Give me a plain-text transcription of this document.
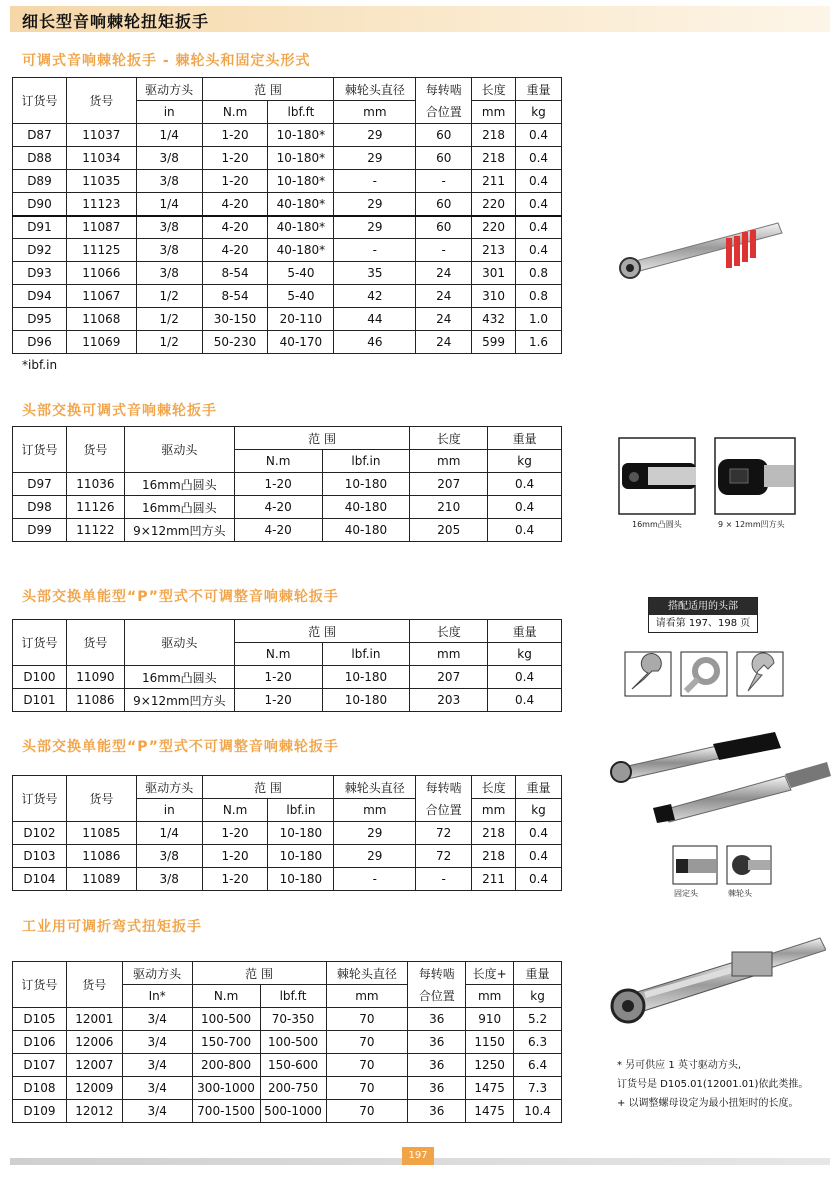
细长型音响棘轮扭矩扳手
可调式音响棘轮扳手 - 棘轮头和固定头形式
订货号	货号	驱动方头	范 围		棘轮头直径	每转啮	长度	重量
		in	N.m	lbf.ft	mm	合位置	mm	kg
D87	11037	1/4	1-20	10-180*	29	60	218	0.4
D88	11034	3/8	1-20	10-180*	29	60	218	0.4
D89	11035	3/8	1-20	10-180*	-	-	211	0.4
D90	11123	1/4	4-20	40-180*	29	60	220	0.4
D91	11087	3/8	4-20	40-180*	29	60	220	0.4
D92	11125	3/8	4-20	40-180*	-	-	213	0.4
D93	11066	3/8	8-54	5-40	35	24	301	0.8
D94	11067	1/2	8-54	5-40	42	24	310	0.8
D95	11068	1/2	30-150	20-110	44	24	432	1.0
D96	11069	1/2	50-230	40-170	46	24	599	1.6
*ibf.in
头部交换可调式音响棘轮扳手
订货号	货号	驱动头	范 围		长度	重量
			N.m	lbf.in	mm	kg
D97	11036	16mm凸圆头	1-20	10-180	207	0.4
D98	11126	16mm凸圆头	4-20	40-180	210	0.4
D99	11122	9×12mm凹方头	4-20	40-180	205	0.4	16mm凸圆头	9 × 12mm凹方头
头部交换单能型“P”型式不可调整音响棘轮扳手
订货号	货号	驱动头	范 围		长度	重量
			N.m	lbf.in	mm	kg
D100	11090	16mm凸圆头	1-20	10-180	207	0.4
D101	11086	9×12mm凹方头	1-20	10-180	203	0.4
搭配适用的头部
请看第 197、198 页
头部交换单能型“P”型式不可调整音响棘轮扳手
订货号	货号	驱动方头	范 围		棘轮头直径	每转啮	长度	重量
		in	N.m	lbf.in	mm	合位置	mm	kg
D102	11085	1/4	1-20	10-180	29	72	218	0.4
D103	11086	3/8	1-20	10-180	29	72	218	0.4
D104	11089	3/8	1-20	10-180	-	-	211	0.4
固定头	棘轮头
工业用可调折弯式扭矩扳手
订货号	货号	驱动方头	范 围		棘轮头直径	每转啮	长度+	重量
		In*	N.m	lbf.ft	mm	合位置	mm	kg
D105	12001	3/4	100-500	70-350	70	36	910	5.2
D106	12006	3/4	150-700	100-500	70	36	1150	6.3
D107	12007	3/4	200-800	150-600	70	36	1250	6.4
D108	12009	3/4	300-1000	200-750	70	36	1475	7.3
D109	12012	3/4	700-1500	500-1000	70	36	1475	10.4
* 另可供应 1 英寸驱动方头,
订货号是 D105.01(12001.01)依此类推。
+ 以调整螺母设定为最小扭矩时的长度。
197
